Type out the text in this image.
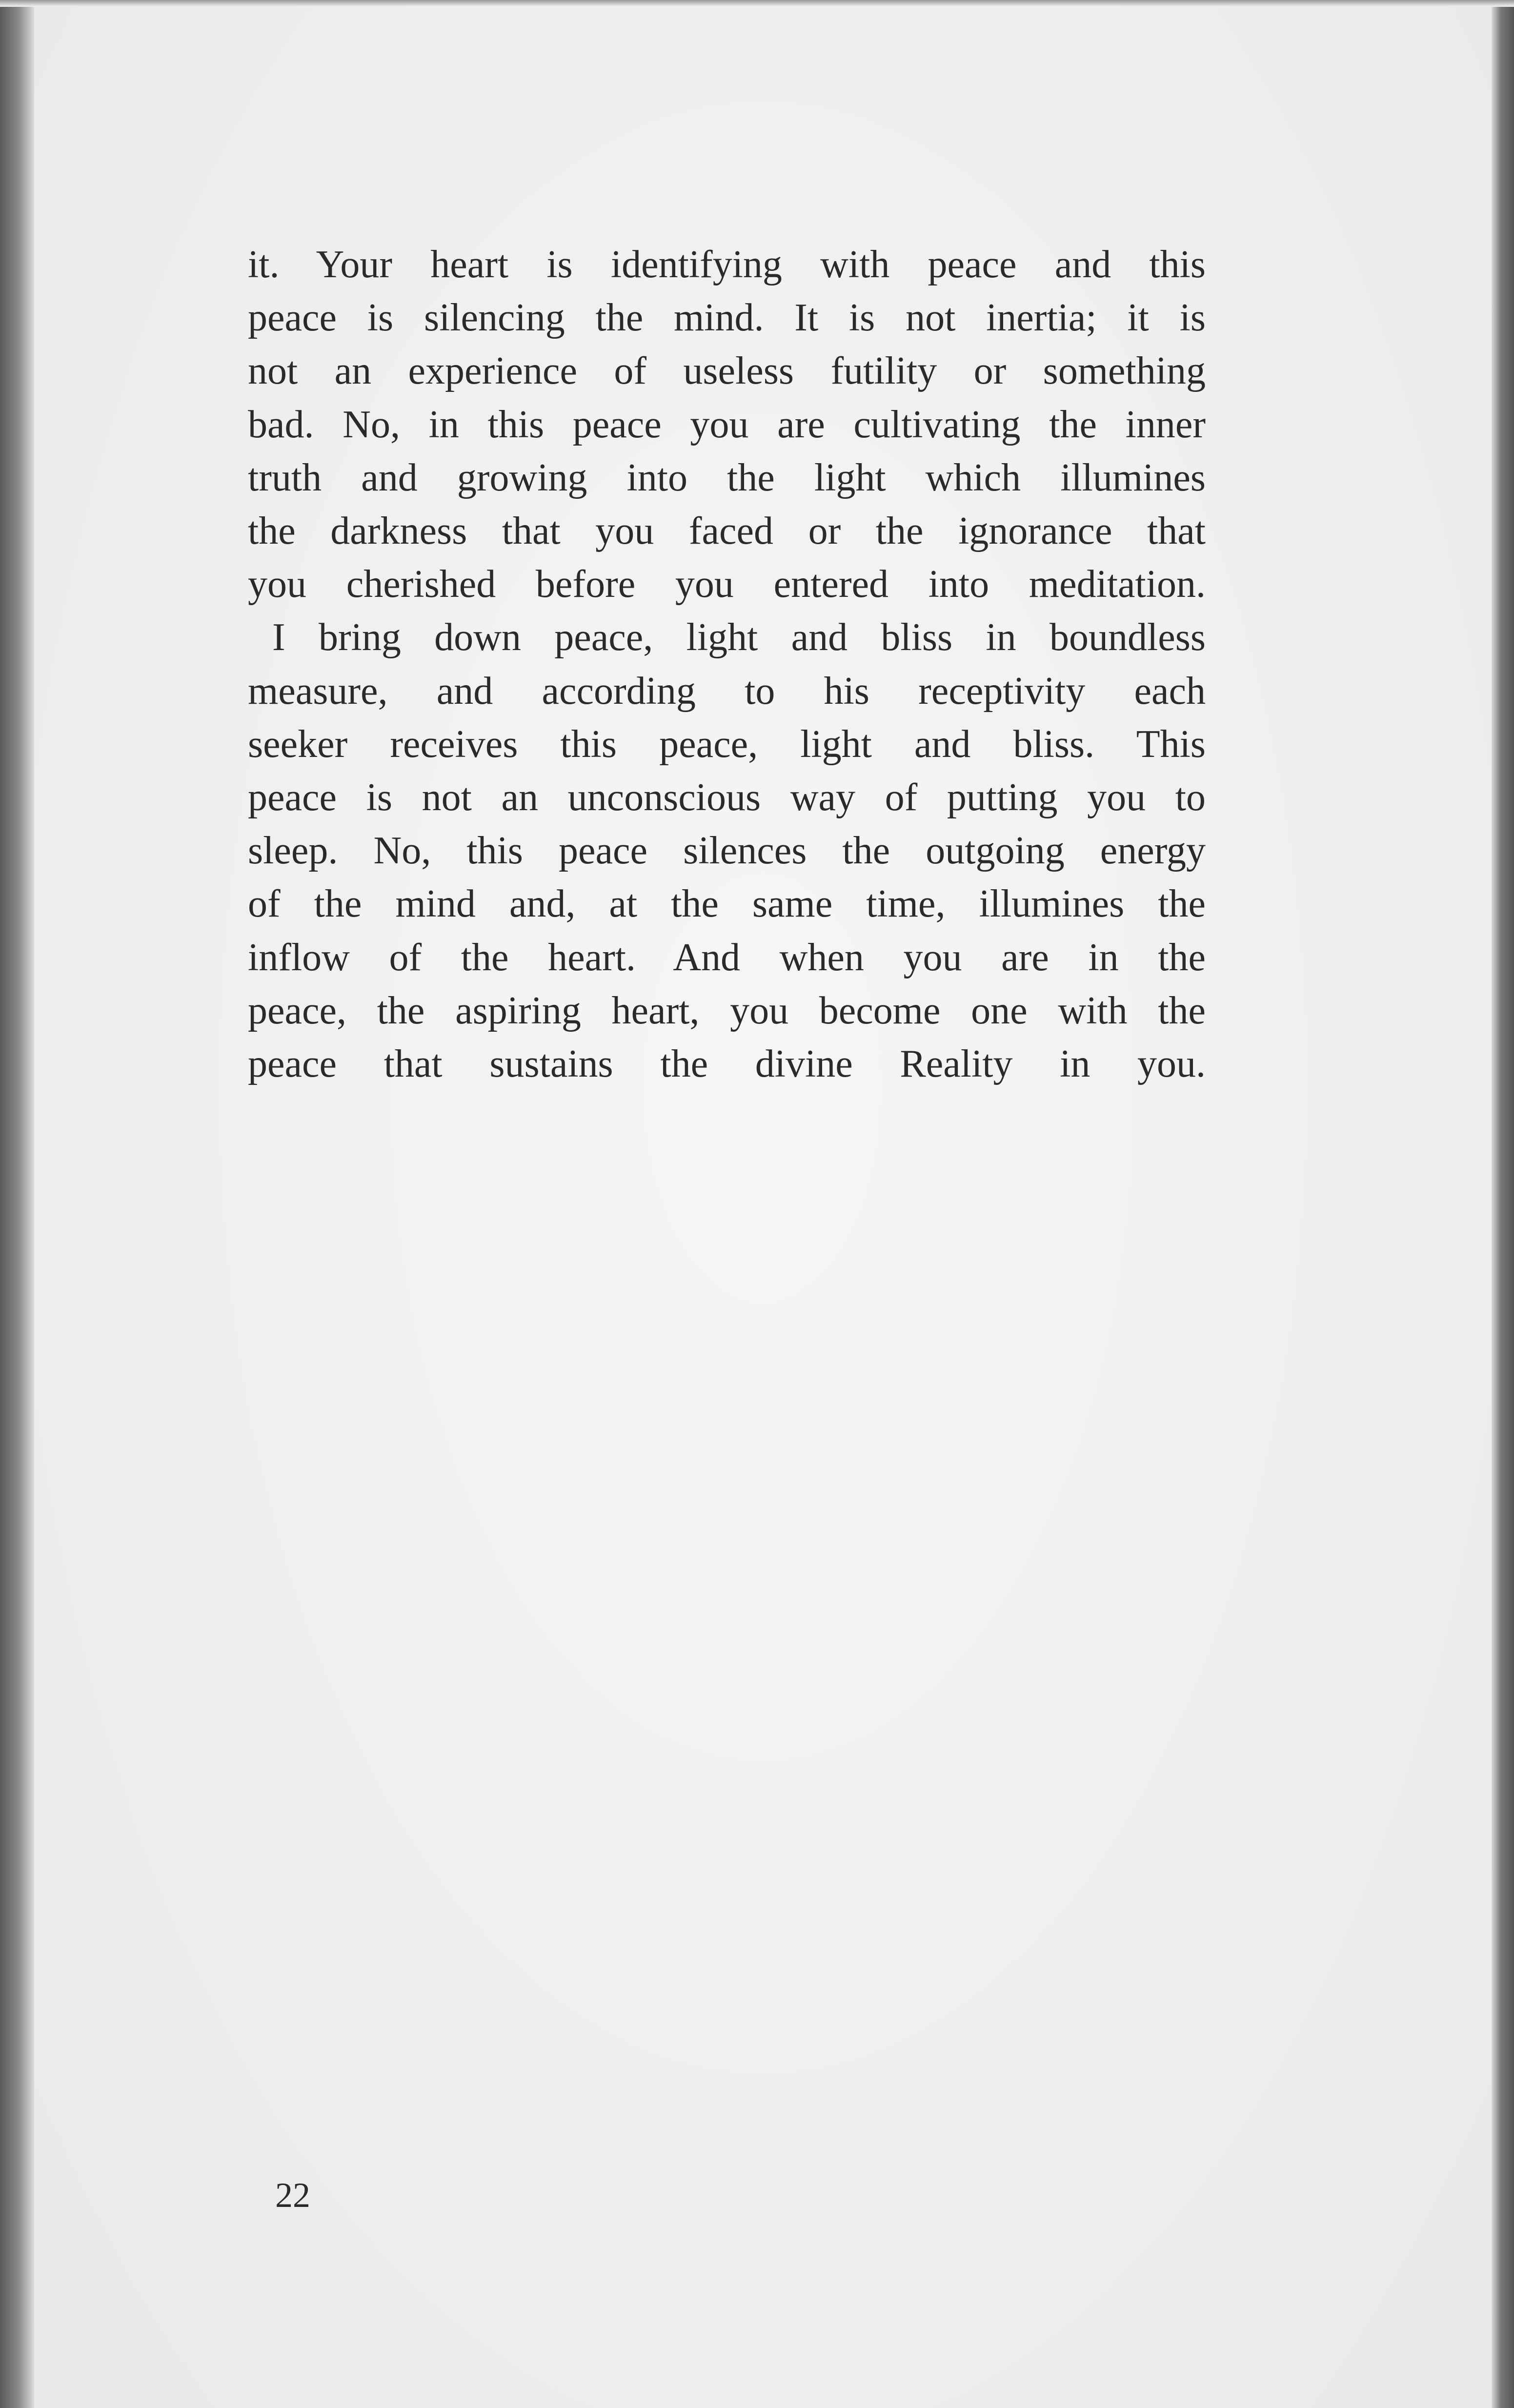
it. Your heart is identifying with peace and this
peace is silencing the mind. It is not inertia; it is
not an experience of useless futility or something
bad. No, in this peace you are cultivating the inner
truth and growing into the light which illumines
the darkness that you faced or the ignorance that
you cherished before you entered into meditation.

I bring down peace, light and bliss in boundless
measure, and according to his receptivity each
seeker receives this peace, light and bliss. This
peace is not an unconscious way of putting you to
sleep. No, this peace silences the outgoing energy
of the mind and, at the same time, illumines the
inflow of the heart. And when you are in the
peace, the aspiring heart, you become one with the
peace that sustains the divine Reality in you.

22
